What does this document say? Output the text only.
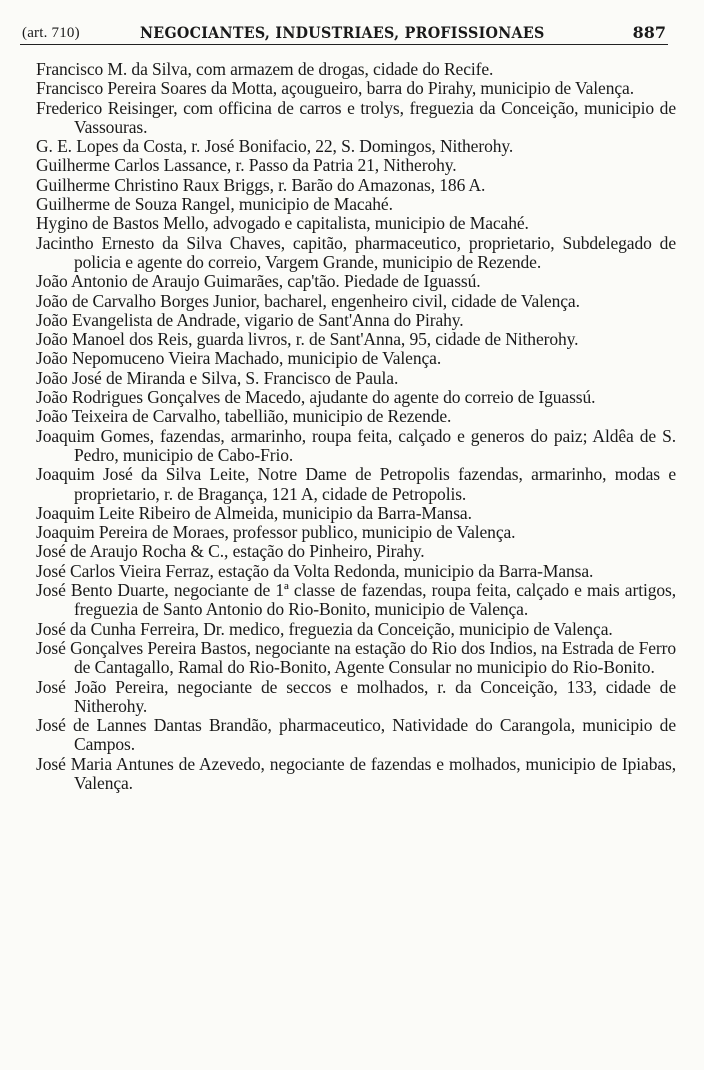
(art. 710)	NEGOCIANTES, INDUSTRIAES, PROFISSIONAES	887

Francisco M. da Silva, com armazem de drogas, cidade do Recife.

Francisco Pereira Soares da Motta, açougueiro, barra do Pirahy, municipio de Valença.

Frederico Reisinger, com officina de carros e trolys, freguezia da Conceição, municipio de Vassouras.

G. E. Lopes da Costa, r. José Bonifacio, 22, S. Domingos, Nitherohy.

Guilherme Carlos Lassance, r. Passo da Patria 21, Nitherohy.

Guilherme Christino Raux Briggs, r. Barão do Amazonas, 186 A.

Guilherme de Souza Rangel, municipio de Macahé.

Hygino de Bastos Mello, advogado e capitalista, municipio de Macahé.

Jacintho Ernesto da Silva Chaves, capitão, pharmaceutico, proprietario, Subdelegado de policia e agente do correio, Vargem Grande, municipio de Rezende.

João Antonio de Araujo Guimarães, cap'tão. Piedade de Iguassú.

João de Carvalho Borges Junior, bacharel, engenheiro civil, cidade de Valença.

João Evangelista de Andrade, vigario de Sant'Anna do Pirahy.

João Manoel dos Reis, guarda livros, r. de Sant'Anna, 95, cidade de Nitherohy.

João Nepomuceno Vieira Machado, municipio de Valença.

João José de Miranda e Silva, S. Francisco de Paula.

João Rodrigues Gonçalves de Macedo, ajudante do agente do correio de Iguassú.

João Teixeira de Carvalho, tabellião, municipio de Rezende.

Joaquim Gomes, fazendas, armarinho, roupa feita, calçado e generos do paiz; Aldêa de S. Pedro, municipio de Cabo-Frio.

Joaquim José da Silva Leite, Notre Dame de Petropolis fazendas, armarinho, modas e proprietario, r. de Bragança, 121 A, cidade de Petropolis.

Joaquim Leite Ribeiro de Almeida, municipio da Barra-Mansa.

Joaquim Pereira de Moraes, professor publico, municipio de Valença.

José de Araujo Rocha & C., estação do Pinheiro, Pirahy.

José Carlos Vieira Ferraz, estação da Volta Redonda, municipio da Barra-Mansa.

José Bento Duarte, negociante de 1ª classe de fazendas, roupa feita, calçado e mais artigos, freguezia de Santo Antonio do Rio-Bonito, municipio de Valença.

José da Cunha Ferreira, Dr. medico, freguezia da Conceição, municipio de Valença.

José Gonçalves Pereira Bastos, negociante na estação do Rio dos Indios, na Estrada de Ferro de Cantagallo, Ramal do Rio-Bonito, Agente Consular no municipio do Rio-Bonito.

José João Pereira, negociante de seccos e molhados, r. da Conceição, 133, cidade de Nitherohy.

José de Lannes Dantas Brandão, pharmaceutico, Natividade do Carangola, municipio de Campos.

José Maria Antunes de Azevedo, negociante de fazendas e molhados, municipio de Ipiabas, Valença.
